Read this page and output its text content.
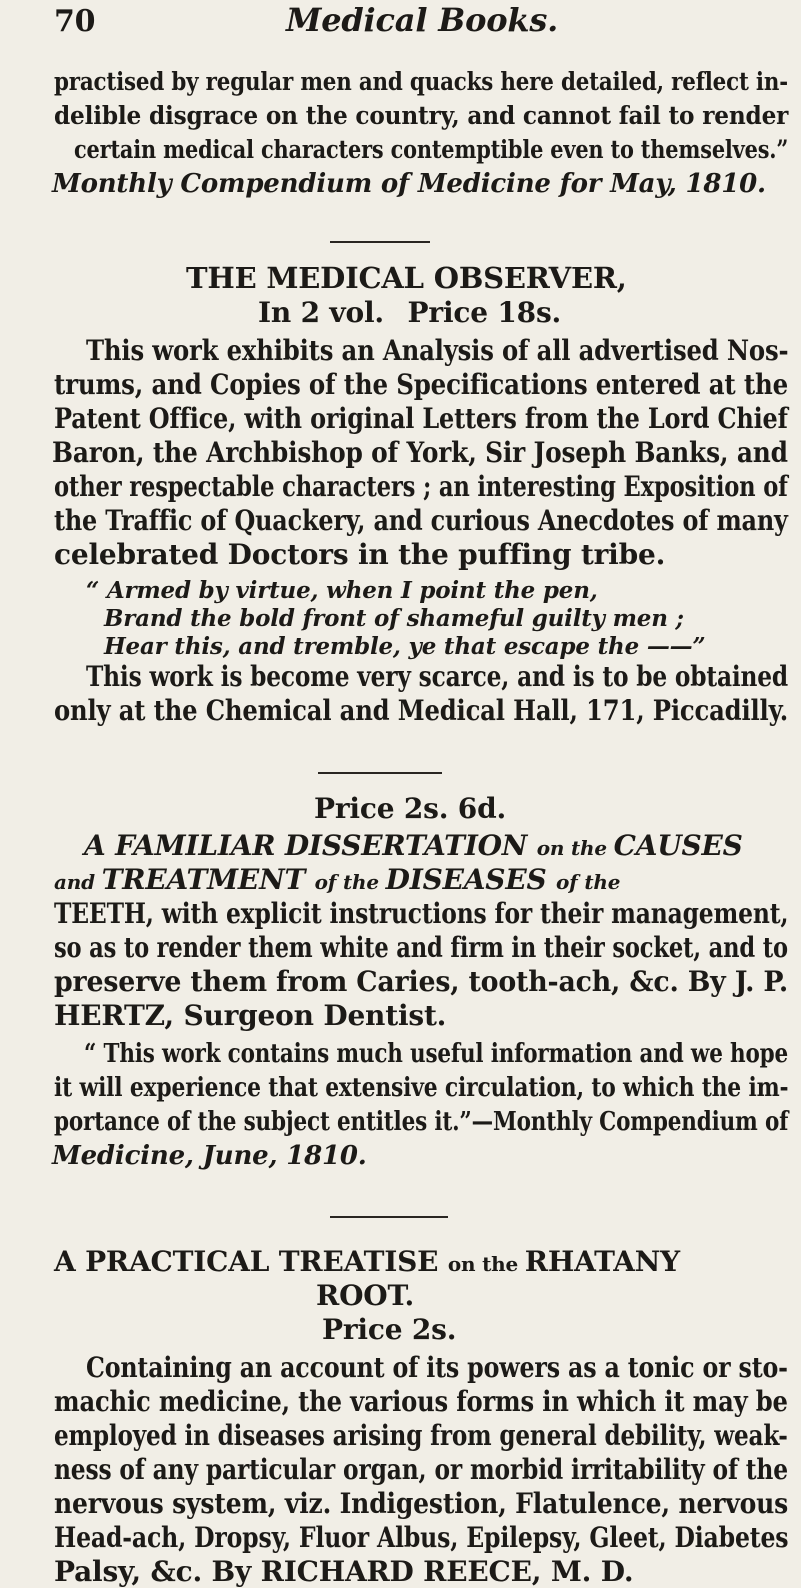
70	Medical Books.
practised by regular men and quacks here detailed, reflect in-
delible disgrace on the country, and cannot fail to render
certain medical characters contemptible even to themselves.”
Monthly Compendium of Medicine for May, 1810.
THE MEDICAL OBSERVER,
In 2 vol. Price 18s.
This work exhibits an Analysis of all advertised Nos-
trums, and Copies of the Specifications entered at the
Patent Office, with original Letters from the Lord Chief
Baron, the Archbishop of York, Sir Joseph Banks, and
other respectable characters ; an interesting Exposition of
the Traffic of Quackery, and curious Anecdotes of many
celebrated Doctors in the puffing tribe.
“ Armed by virtue, when I point the pen,
Brand the bold front of shameful guilty men ;
Hear this, and tremble, ye that escape the ——”
This work is become very scarce, and is to be obtained
only at the Chemical and Medical Hall, 171, Piccadilly.
Price 2s. 6d.
A FAMILIAR DISSERTATION on the CAUSES
and TREATMENT of the DISEASES of the
TEETH, with explicit instructions for their management,
so as to render them white and firm in their socket, and to
preserve them from Caries, tooth-ach, &c. By J. P.
HERTZ, Surgeon Dentist.
“ This work contains much useful information and we hope
it will experience that extensive circulation, to which the im-
portance of the subject entitles it.”—Monthly Compendium of
Medicine, June, 1810.
A PRACTICAL TREATISE on the RHATANY
ROOT.
Price 2s.
Containing an account of its powers as a tonic or sto-
machic medicine, the various forms in which it may be
employed in diseases arising from general debility, weak-
ness of any particular organ, or morbid irritability of the
nervous system, viz. Indigestion, Flatulence, nervous
Head-ach, Dropsy, Fluor Albus, Epilepsy, Gleet, Diabetes
Palsy, &c. By RICHARD REECE, M. D.
